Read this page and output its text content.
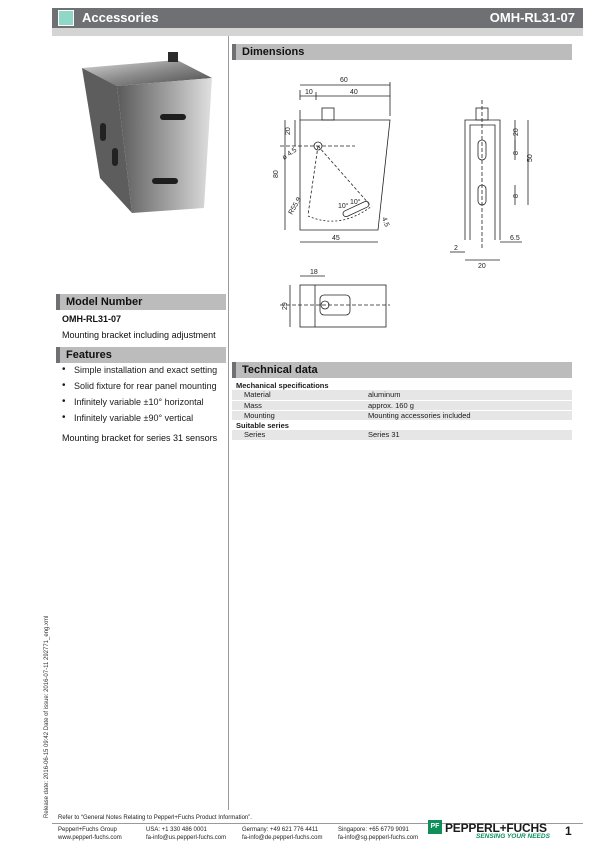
Accessories	OMH-RL31-07
Dimensions
60
10	40
20
80
45
ø 4.5
R55.9	10°
10°
4.5
20
8
50
8
6.5
2
20
18
29
Model Number
OMH-RL31-07
Mounting bracket including adjustment
Features
• Simple installation and exact setting
• Solid fixture for rear panel mounting
• Infinitely variable ±10° horizontal
• Infinitely variable ±90° vertical
Mounting bracket for series 31 sensors
Technical data
Mechanical specifications	
Material	aluminum
Mass	approx. 160 g
Mounting	Mounting accessories included
Suitable series	
Series	Series 31
Release date: 2016-06-15 09:42 Date of issue: 2016-07-11 292771_eng.xml Refer to “General Notes Relating to Pepperl+Fuchs Product Information”.
Pepperl+Fuchs Group
www.pepperl-fuchs.com
USA: +1 330 486 0001
fa-info@us.pepperl-fuchs.com
Germany: +49 621 776 4411
fa-info@de.pepperl-fuchs.com
Singapore: +65 6779 9091
fa-info@sg.pepperl-fuchs.com
PF PEPPERL+FUCHS
SENSING YOUR NEEDS 1
